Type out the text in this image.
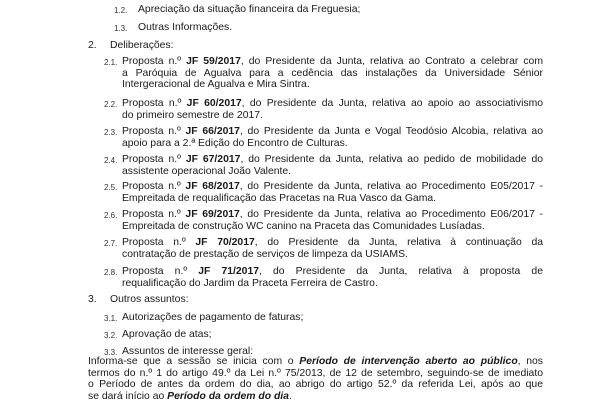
1.2. Apreciação da situação financeira da Freguesia;
1.3. Outras Informações.
2. Deliberações:
2.1. Proposta n.º JF 59/2017, do Presidente da Junta, relativa ao Contrato a celebrar com
a Paróquia de Agualva para a cedência das instalações da Universidade Sénior
Intergeracional de Agualva e Mira Sintra.
2.2. Proposta n.º JF 60/2017, do Presidente da Junta, relativa ao apoio ao associativismo
do primeiro semestre de 2017.
2.3. Proposta n.º JF 66/2017, do Presidente da Junta e Vogal Teodósio Alcobia, relativa ao
apoio para a 2.ª Edição do Encontro de Culturas.
2.4. Proposta n.º JF 67/2017, do Presidente da Junta, relativa ao pedido de mobilidade do
assistente operacional João Valente.
2.5. Proposta n.º JF 68/2017, do Presidente da Junta, relativa ao Procedimento E05/2017 -
Empreitada de requalificação das Pracetas na Rua Vasco da Gama.
2.6. Proposta n.º JF 69/2017, do Presidente da Junta, relativa ao Procedimento E06/2017 -
Empreitada de construção WC canino na Praceta das Comunidades Lusíadas.
2.7. Proposta n.º JF 70/2017, do Presidente da Junta, relativa à continuação da
contratação de prestação de serviços de limpeza da USIAMS.
2.8. Proposta n.º JF 71/2017, do Presidente da Junta, relativa à proposta de
requalificação do Jardim da Praceta Ferreira de Castro.
3. Outros assuntos:
3.1. Autorizações de pagamento de faturas;
3.2. Aprovação de atas;
3.3. Assuntos de interesse geral:
Informa-se que a sessão se inicia com o Período de intervenção aberto ao público, nos
termos do n.º 1 do artigo 49.º da Lei n.º 75/2013, de 12 de setembro, seguindo-se de imediato
o Período de antes da ordem do dia, ao abrigo do artigo 52.º da referida Lei, após ao que
se dará início ao Período da ordem do dia.
